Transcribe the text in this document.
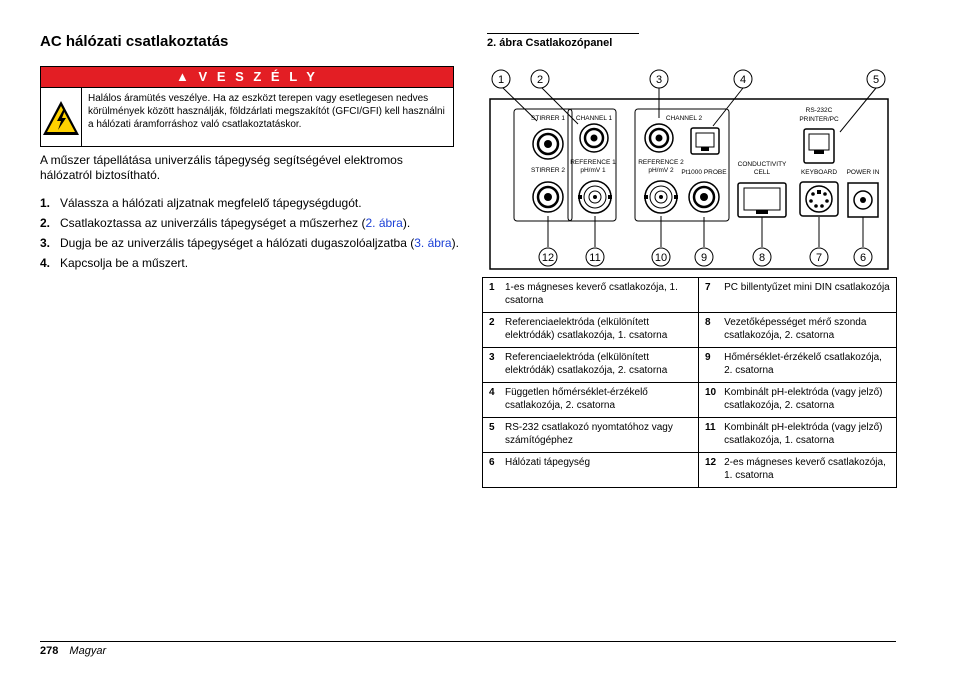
AC hálózati csatlakoztatás
▲ V E S Z É L Y
Halálos áramütés veszélye. Ha az eszközt terepen vagy esetlegesen nedves körülmények között használják, földzárlati megszakítót (GFCI/GFI) kell használni a hálózati áramforráshoz való csatlakoztatáskor.
A műszer tápellátása univerzális tápegység segítségével elektromos hálózatról biztosítható.
1. Válassza a hálózati aljzatnak megfelelő tápegységdugót.
2. Csatlakoztassa az univerzális tápegységet a műszerhez (2. ábra).
3. Dugja be az univerzális tápegységet a hálózati dugaszolóaljzatba (3. ábra).
4. Kapcsolja be a műszert.
2. ábra Csatlakozópanel
1	2	3	4	5
12	11	10	9	8	7	6
STIRRER 1
STIRRER 2
CHANNEL 1
REFERENCE 1
pH/mV 1
CHANNEL 2
REFERENCE 2
pH/mV 2 Pt1000 PROBE
CONDUCTIVITY
CELL
RS-232C
PRINTER/PC
KEYBOARD POWER IN
1	1-es mágneses keverő csatlakozója, 1. csatorna	7	PC billentyűzet mini DIN csatlakozója
2	Referenciaelektróda (elkülönített elektródák) csatlakozója, 1. csatorna	8	Vezetőképességet mérő szonda csatlakozója, 2. csatorna
3	Referenciaelektróda (elkülönített elektródák) csatlakozója, 2. csatorna	9	Hőmérséklet-érzékelő csatlakozója, 2. csatorna
4	Független hőmérséklet-érzékelő csatlakozója, 2. csatorna	10	Kombinált pH-elektróda (vagy jelző) csatlakozója, 2. csatorna
5	RS-232 csatlakozó nyomtatóhoz vagy számítógéphez	11	Kombinált pH-elektróda (vagy jelző) csatlakozója, 1. csatorna
6	Hálózati tápegység	12	2-es mágneses keverő csatlakozója, 1. csatorna
278 Magyar
